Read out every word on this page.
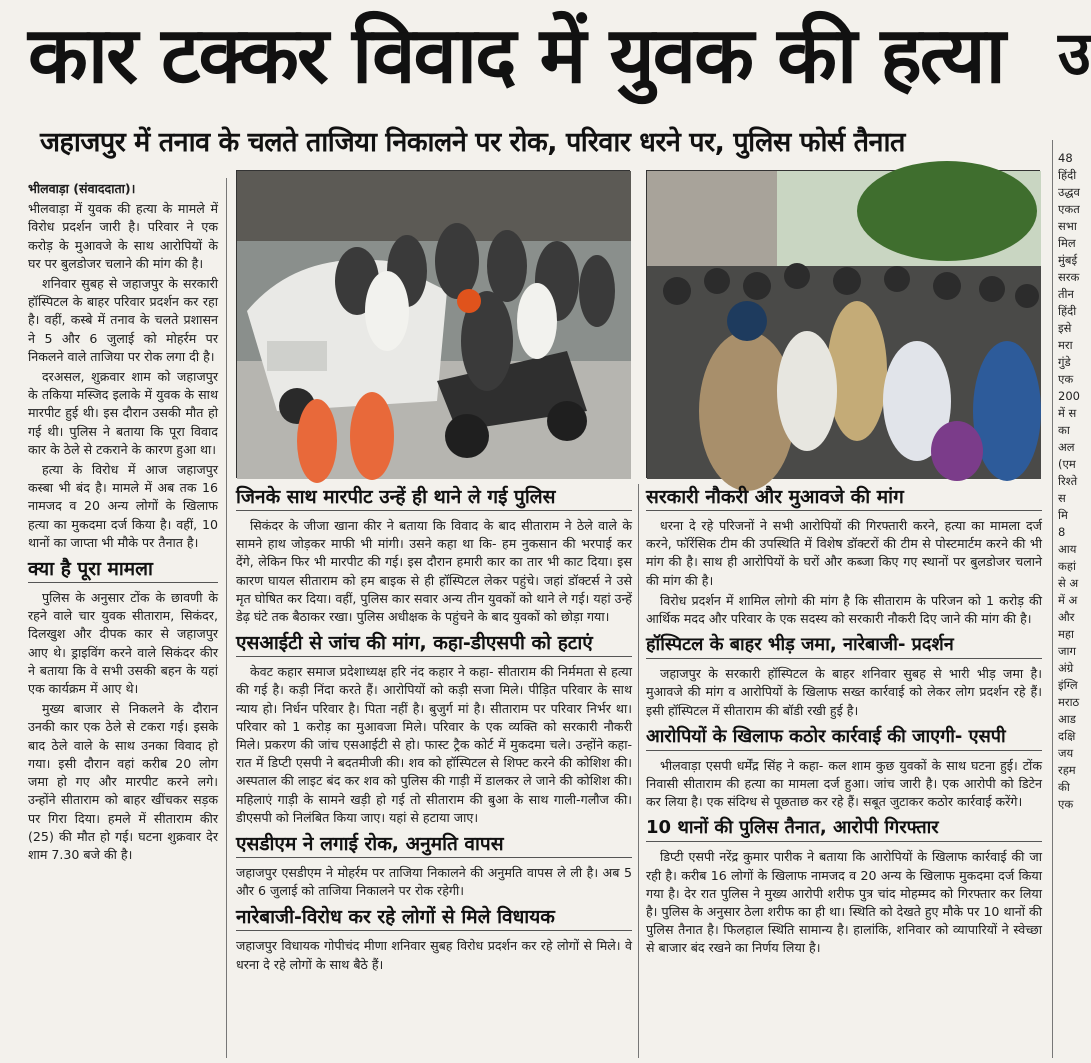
कार टक्कर विवाद में युवक की हत्या उ
जहाजपुर में तनाव के चलते ताजिया निकालने पर रोक, परिवार धरने पर, पुलिस फोर्स तैनात

भीलवाड़ा (संवाददाता)।

भीलवाड़ा में युवक की हत्या के मामले में विरोध प्रदर्शन जारी है। परिवार ने एक करोड़ के मुआवजे के साथ आरोपियों के घर पर बुलडोजर चलाने की मांग की है।

शनिवार सुबह से जहाजपुर के सरकारी हॉस्पिटल के बाहर परिवार प्रदर्शन कर रहा है। वहीं, कस्बे में तनाव के चलते प्रशासन ने 5 और 6 जुलाई को मोहर्रम पर निकलने वाले ताजिया पर रोक लगा दी है।

दरअसल, शुक्रवार शाम को जहाजपुर के तकिया मस्जिद इलाके में युवक के साथ मारपीट हुई थी। इस दौरान उसकी मौत हो गई थी। पुलिस ने बताया कि पूरा विवाद कार के ठेले से टकराने के कारण हुआ था।

हत्या के विरोध में आज जहाजपुर कस्बा भी बंद है। मामले में अब तक 16 नामजद व 20 अन्य लोगों के खिलाफ हत्या का मुकदमा दर्ज किया है। वहीं, 10 थानों का जाप्ता भी मौके पर तैनात है।

क्या है पूरा मामला

पुलिस के अनुसार टोंक के छावणी के रहने वाले चार युवक सीताराम, सिकंदर, दिलखुश और दीपक कार से जहाजपुर आए थे। ड्राइविंग करने वाले सिकंदर कीर ने बताया कि वे सभी उसकी बहन के यहां एक कार्यक्रम में आए थे।

मुख्य बाजार से निकलने के दौरान उनकी कार एक ठेले से टकरा गई। इसके बाद ठेले वाले के साथ उनका विवाद हो गया। इसी दौरान वहां करीब 20 लोग जमा हो गए और मारपीट करने लगे। उन्होंने सीताराम को बाहर खींचकर सड़क पर गिरा दिया। हमले में सीताराम कीर (25) की मौत हो गई। घटना शुक्रवार देर शाम 7.30 बजे की है।

जिनके साथ मारपीट उन्हें ही थाने ले गई पुलिस

सिकंदर के जीजा खाना कीर ने बताया कि विवाद के बाद सीताराम ने ठेले वाले के सामने हाथ जोड़कर माफी भी मांगी। उसने कहा था कि- हम नुकसान की भरपाई कर देंगे, लेकिन फिर भी मारपीट की गई। इस दौरान हमारी कार का तार भी काट दिया। इस कारण घायल सीताराम को हम बाइक से ही हॉस्पिटल लेकर पहुंचे। जहां डॉक्टर्स ने उसे मृत घोषित कर दिया। वहीं, पुलिस कार सवार अन्य तीन युवकों को थाने ले गई। यहां उन्हें डेढ़ घंटे तक बैठाकर रखा। पुलिस अधीक्षक के पहुंचने के बाद युवकों को छोड़ा गया।

एसआईटी से जांच की मांग, कहा-डीएसपी को हटाएं

केवट कहार समाज प्रदेशाध्यक्ष हरि नंद कहार ने कहा- सीताराम की निर्ममता से हत्या की गई है। कड़ी निंदा करते हैं। आरोपियों को कड़ी सजा मिले। पीड़ित परिवार के साथ न्याय हो। निर्धन परिवार है। पिता नहीं है। बुजुर्ग मां है। सीताराम पर परिवार निर्भर था। परिवार को 1 करोड़ का मुआवजा मिले। परिवार के एक व्यक्ति को सरकारी नौकरी मिले। प्रकरण की जांच एसआईटी से हो। फास्ट ट्रैक कोर्ट में मुकदमा चले। उन्होंने कहा- रात में डिप्टी एसपी ने बदतमीजी की। शव को हॉस्पिटल से शिफ्ट करने की कोशिश की। अस्पताल की लाइट बंद कर शव को पुलिस की गाड़ी में डालकर ले जाने की कोशिश की। महिलाएं गाड़ी के सामने खड़ी हो गई तो सीताराम की बुआ के साथ गाली-गलौज की। डीएसपी को निलंबित किया जाए। यहां से हटाया जाए।

एसडीएम ने लगाई रोक, अनुमति वापस

जहाजपुर एसडीएम ने मोहर्रम पर ताजिया निकालने की अनुमति वापस ले ली है। अब 5 और 6 जुलाई को ताजिया निकालने पर रोक रहेगी।

नारेबाजी-विरोध कर रहे लोगों से मिले विधायक

जहाजपुर विधायक गोपीचंद मीणा शनिवार सुबह विरोध प्रदर्शन कर रहे लोगों से मिले। वे धरना दे रहे लोगों के साथ बैठे हैं।

सरकारी नौकरी और मुआवजे की मांग

धरना दे रहे परिजनों ने सभी आरोपियों की गिरफ्तारी करने, हत्या का मामला दर्ज करने, फॉरेंसिक टीम की उपस्थिति में विशेष डॉक्टरों की टीम से पोस्टमार्टम करने की भी मांग की है। साथ ही आरोपियों के घरों और कब्जा किए गए स्थानों पर बुलडोजर चलाने की मांग की है।

विरोध प्रदर्शन में शामिल लोगो की मांग है कि सीताराम के परिजन को 1 करोड़ की आर्थिक मदद और परिवार के एक सदस्य को सरकारी नौकरी दिए जाने की मांग की है।

हॉस्पिटल के बाहर भीड़ जमा, नारेबाजी- प्रदर्शन

जहाजपुर के सरकारी हॉस्पिटल के बाहर शनिवार सुबह से भारी भीड़ जमा है। मुआवजे की मांग व आरोपियों के खिलाफ सख्त कार्रवाई को लेकर लोग प्रदर्शन रहे हैं। इसी हॉस्पिटल में सीताराम की बॉडी रखी हुई है।

आरोपियों के खिलाफ कठोर कार्रवाई की जाएगी- एसपी

भीलवाड़ा एसपी धर्मेंद्र सिंह ने कहा- कल शाम कुछ युवकों के साथ घटना हुई। टोंक निवासी सीताराम की हत्या का मामला दर्ज हुआ। जांच जारी है। एक आरोपी को डिटेन कर लिया है। एक संदिग्ध से पूछताछ कर रहे हैं। सबूत जुटाकर कठोर कार्रवाई करेंगे।

10 थानों की पुलिस तैनात, आरोपी गिरफ्तार

डिप्टी एसपी नरेंद्र कुमार पारीक ने बताया कि आरोपियों के खिलाफ कार्रवाई की जा रही है। करीब 16 लोगों के खिलाफ नामजद व 20 अन्य के खिलाफ मुकदमा दर्ज किया गया है। देर रात पुलिस ने मुख्य आरोपी शरीफ पुत्र चांद मोहम्मद को गिरफ्तार कर लिया है। पुलिस के अनुसार ठेला शरीफ का ही था। स्थिति को देखते हुए मौके पर 10 थानों की पुलिस तैनात है। फिलहाल स्थिति सामान्य है। हालांकि, शनिवार को व्यापारियों ने स्वेच्छा से बाजार बंद रखने का निर्णय लिया है।

48
हिंदी
उद्धव
एकत
सभा
मिल
मुंबई
सरक
तीन
हिंदी
इसे
मरा
गुंडे
एक
200
में स
का
अल
(एम
रिश्ते
स
मि
8
आय
कहां
से अ
में अ
और
महा
जाग
अंग्रे
इंग्लि
मराठ
आड
दक्षि
जय
रहम
की
एक
